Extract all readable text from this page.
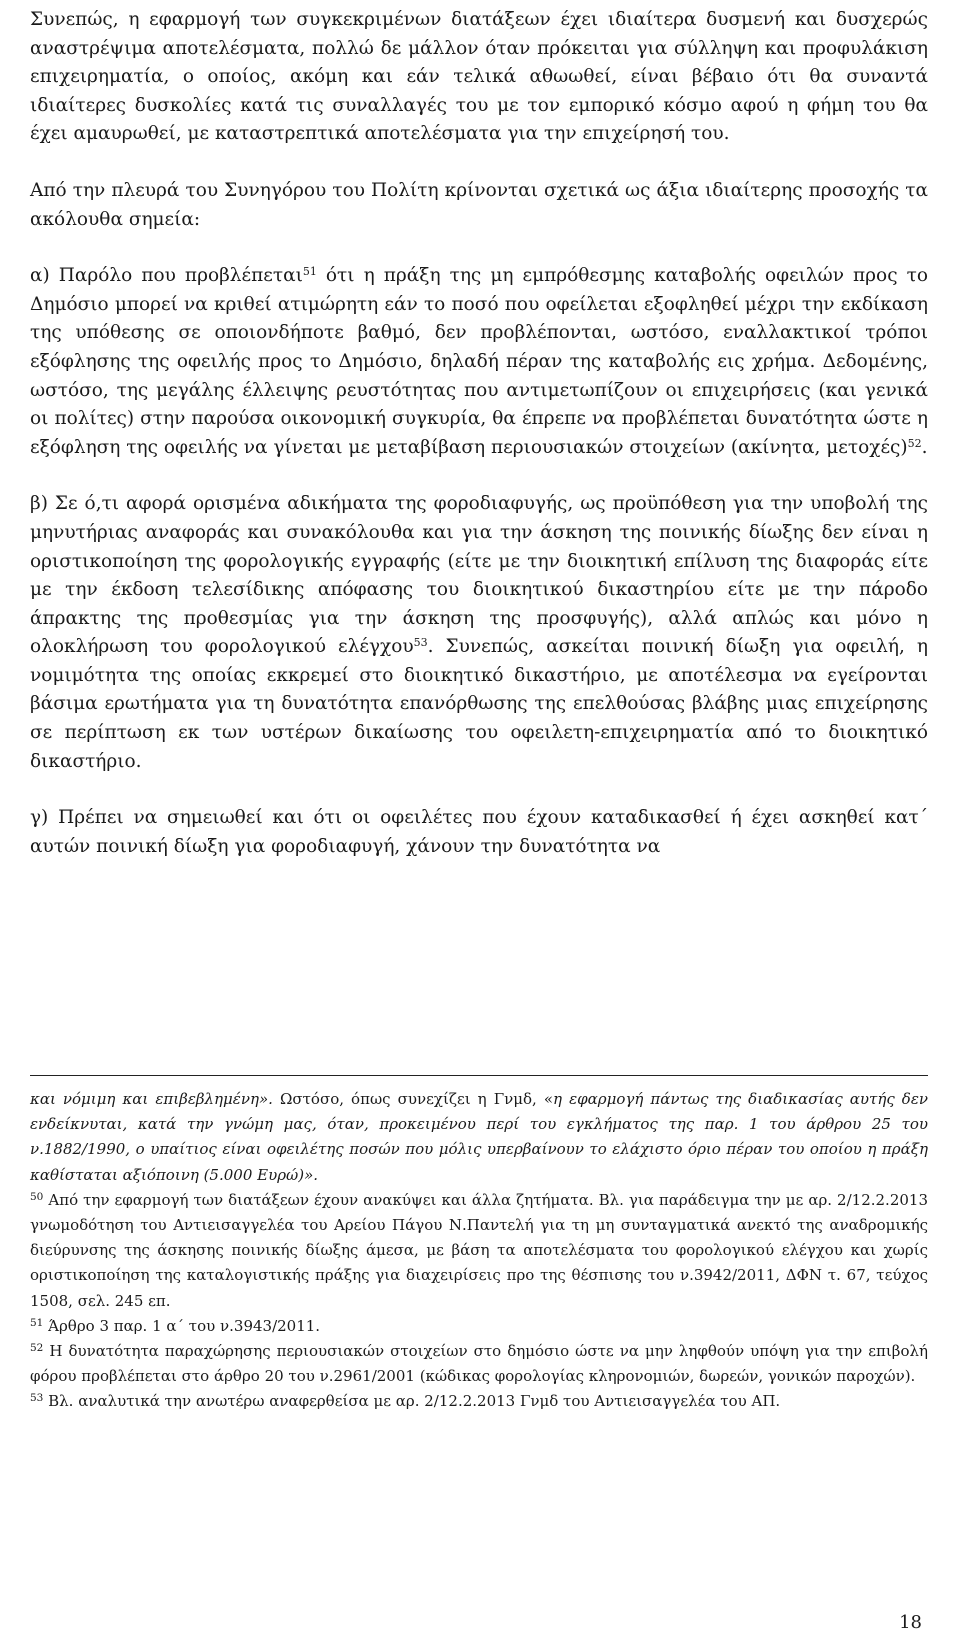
Συνεπώς, η εφαρμογή των συγκεκριμένων διατάξεων έχει ιδιαίτερα δυσμενή και δυσχερώς αναστρέψιμα αποτελέσματα, πολλώ δε μάλλον όταν πρόκειται για σύλληψη και προφυλάκιση επιχειρηματία, ο οποίος, ακόμη και εάν τελικά αθωωθεί, είναι βέβαιο ότι θα συναντά ιδιαίτερες δυσκολίες κατά τις συναλλαγές του με τον εμπορικό κόσμο αφού η φήμη του θα έχει αμαυρωθεί, με καταστρεπτικά αποτελέσματα για την επιχείρησή του.

Από την πλευρά του Συνηγόρου του Πολίτη κρίνονται σχετικά ως άξια ιδιαίτερης προσοχής τα ακόλουθα σημεία:

α) Παρόλο που προβλέπεται$^{51}$ ότι η πράξη της μη εμπρόθεσμης καταβολής οφειλών προς το Δημόσιο μπορεί να κριθεί ατιμώρητη εάν το ποσό που οφείλεται εξοφληθεί μέχρι την εκδίκαση της υπόθεσης σε οποιονδήποτε βαθμό, δεν προβλέπονται, ωστόσο, εναλλακτικοί τρόποι εξόφλησης της οφειλής προς το Δημόσιο, δηλαδή πέραν της καταβολής εις χρήμα. Δεδομένης, ωστόσο, της μεγάλης έλλειψης ρευστότητας που αντιμετωπίζουν οι επιχειρήσεις (και γενικά οι πολίτες) στην παρούσα οικονομική συγκυρία, θα έπρεπε να προβλέπεται δυνατότητα ώστε η εξόφληση της οφειλής να γίνεται με μεταβίβαση περιουσιακών στοιχείων (ακίνητα, μετοχές)$^{52}$.

β) Σε ό,τι αφορά ορισμένα αδικήματα της φοροδιαφυγής, ως προϋπόθεση για την υποβολή της μηνυτήριας αναφοράς και συνακόλουθα και για την άσκηση της ποινικής δίωξης δεν είναι η οριστικοποίηση της φορολογικής εγγραφής (είτε με την διοικητική επίλυση της διαφοράς είτε με την έκδοση τελεσίδικης απόφασης του διοικητικού δικαστηρίου είτε με την πάροδο άπρακτης της προθεσμίας για την άσκηση της προσφυγής), αλλά απλώς και μόνο η ολοκλήρωση του φορολογικού ελέγχου$^{53}$. Συνεπώς, ασκείται ποινική δίωξη για οφειλή, η νομιμότητα της οποίας εκκρεμεί στο διοικητικό δικαστήριο, με αποτέλεσμα να εγείρονται βάσιμα ερωτήματα για τη δυνατότητα επανόρθωσης της επελθούσας βλάβης μιας επιχείρησης σε περίπτωση εκ των υστέρων δικαίωσης του οφειλετη-επιχειρηματία από το διοικητικό δικαστήριο.

γ) Πρέπει να σημειωθεί και ότι οι οφειλέτες που έχουν καταδικασθεί ή έχει ασκηθεί κατ΄ αυτών ποινική δίωξη για φοροδιαφυγή, χάνουν την δυνατότητα να

και νόμιμη και επιβεβλημένη». Ωστόσο, όπως συνεχίζει η Γνμδ, «η εφαρμογή πάντως της διαδικασίας αυτής δεν ενδείκνυται, κατά την γνώμη μας, όταν, προκειμένου περί του εγκλήματος της παρ. 1 του άρθρου 25 του ν.1882/1990, ο υπαίτιος είναι οφειλέτης ποσών που μόλις υπερβαίνουν το ελάχιστο όριο πέραν του οποίου η πράξη καθίσταται αξιόποινη (5.000 Ευρώ)».

$^{50}$ Από την εφαρμογή των διατάξεων έχουν ανακύψει και άλλα ζητήματα. Βλ. για παράδειγμα την με αρ. 2/12.2.2013 γνωμοδότηση του Αντιεισαγγελέα του Αρείου Πάγου Ν.Παντελή για τη μη συνταγματικά ανεκτό της αναδρομικής διεύρυνσης της άσκησης ποινικής δίωξης άμεσα, με βάση τα αποτελέσματα του φορολογικού ελέγχου και χωρίς οριστικοποίηση της καταλογιστικής πράξης για διαχειρίσεις προ της θέσπισης του ν.3942/2011, ΔΦΝ τ. 67, τεύχος 1508, σελ. 245 επ.

$^{51}$ Άρθρο 3 παρ. 1 α΄ του ν.3943/2011.

$^{52}$ Η δυνατότητα παραχώρησης περιουσιακών στοιχείων στο δημόσιο ώστε να μην ληφθούν υπόψη για την επιβολή φόρου προβλέπεται στο άρθρο 20 του ν.2961/2001 (κώδικας φορολογίας κληρονομιών, δωρεών, γονικών παροχών).

$^{53}$ Βλ. αναλυτικά την ανωτέρω αναφερθείσα με αρ. 2/12.2.2013 Γνμδ του Αντιεισαγγελέα του ΑΠ.

18
